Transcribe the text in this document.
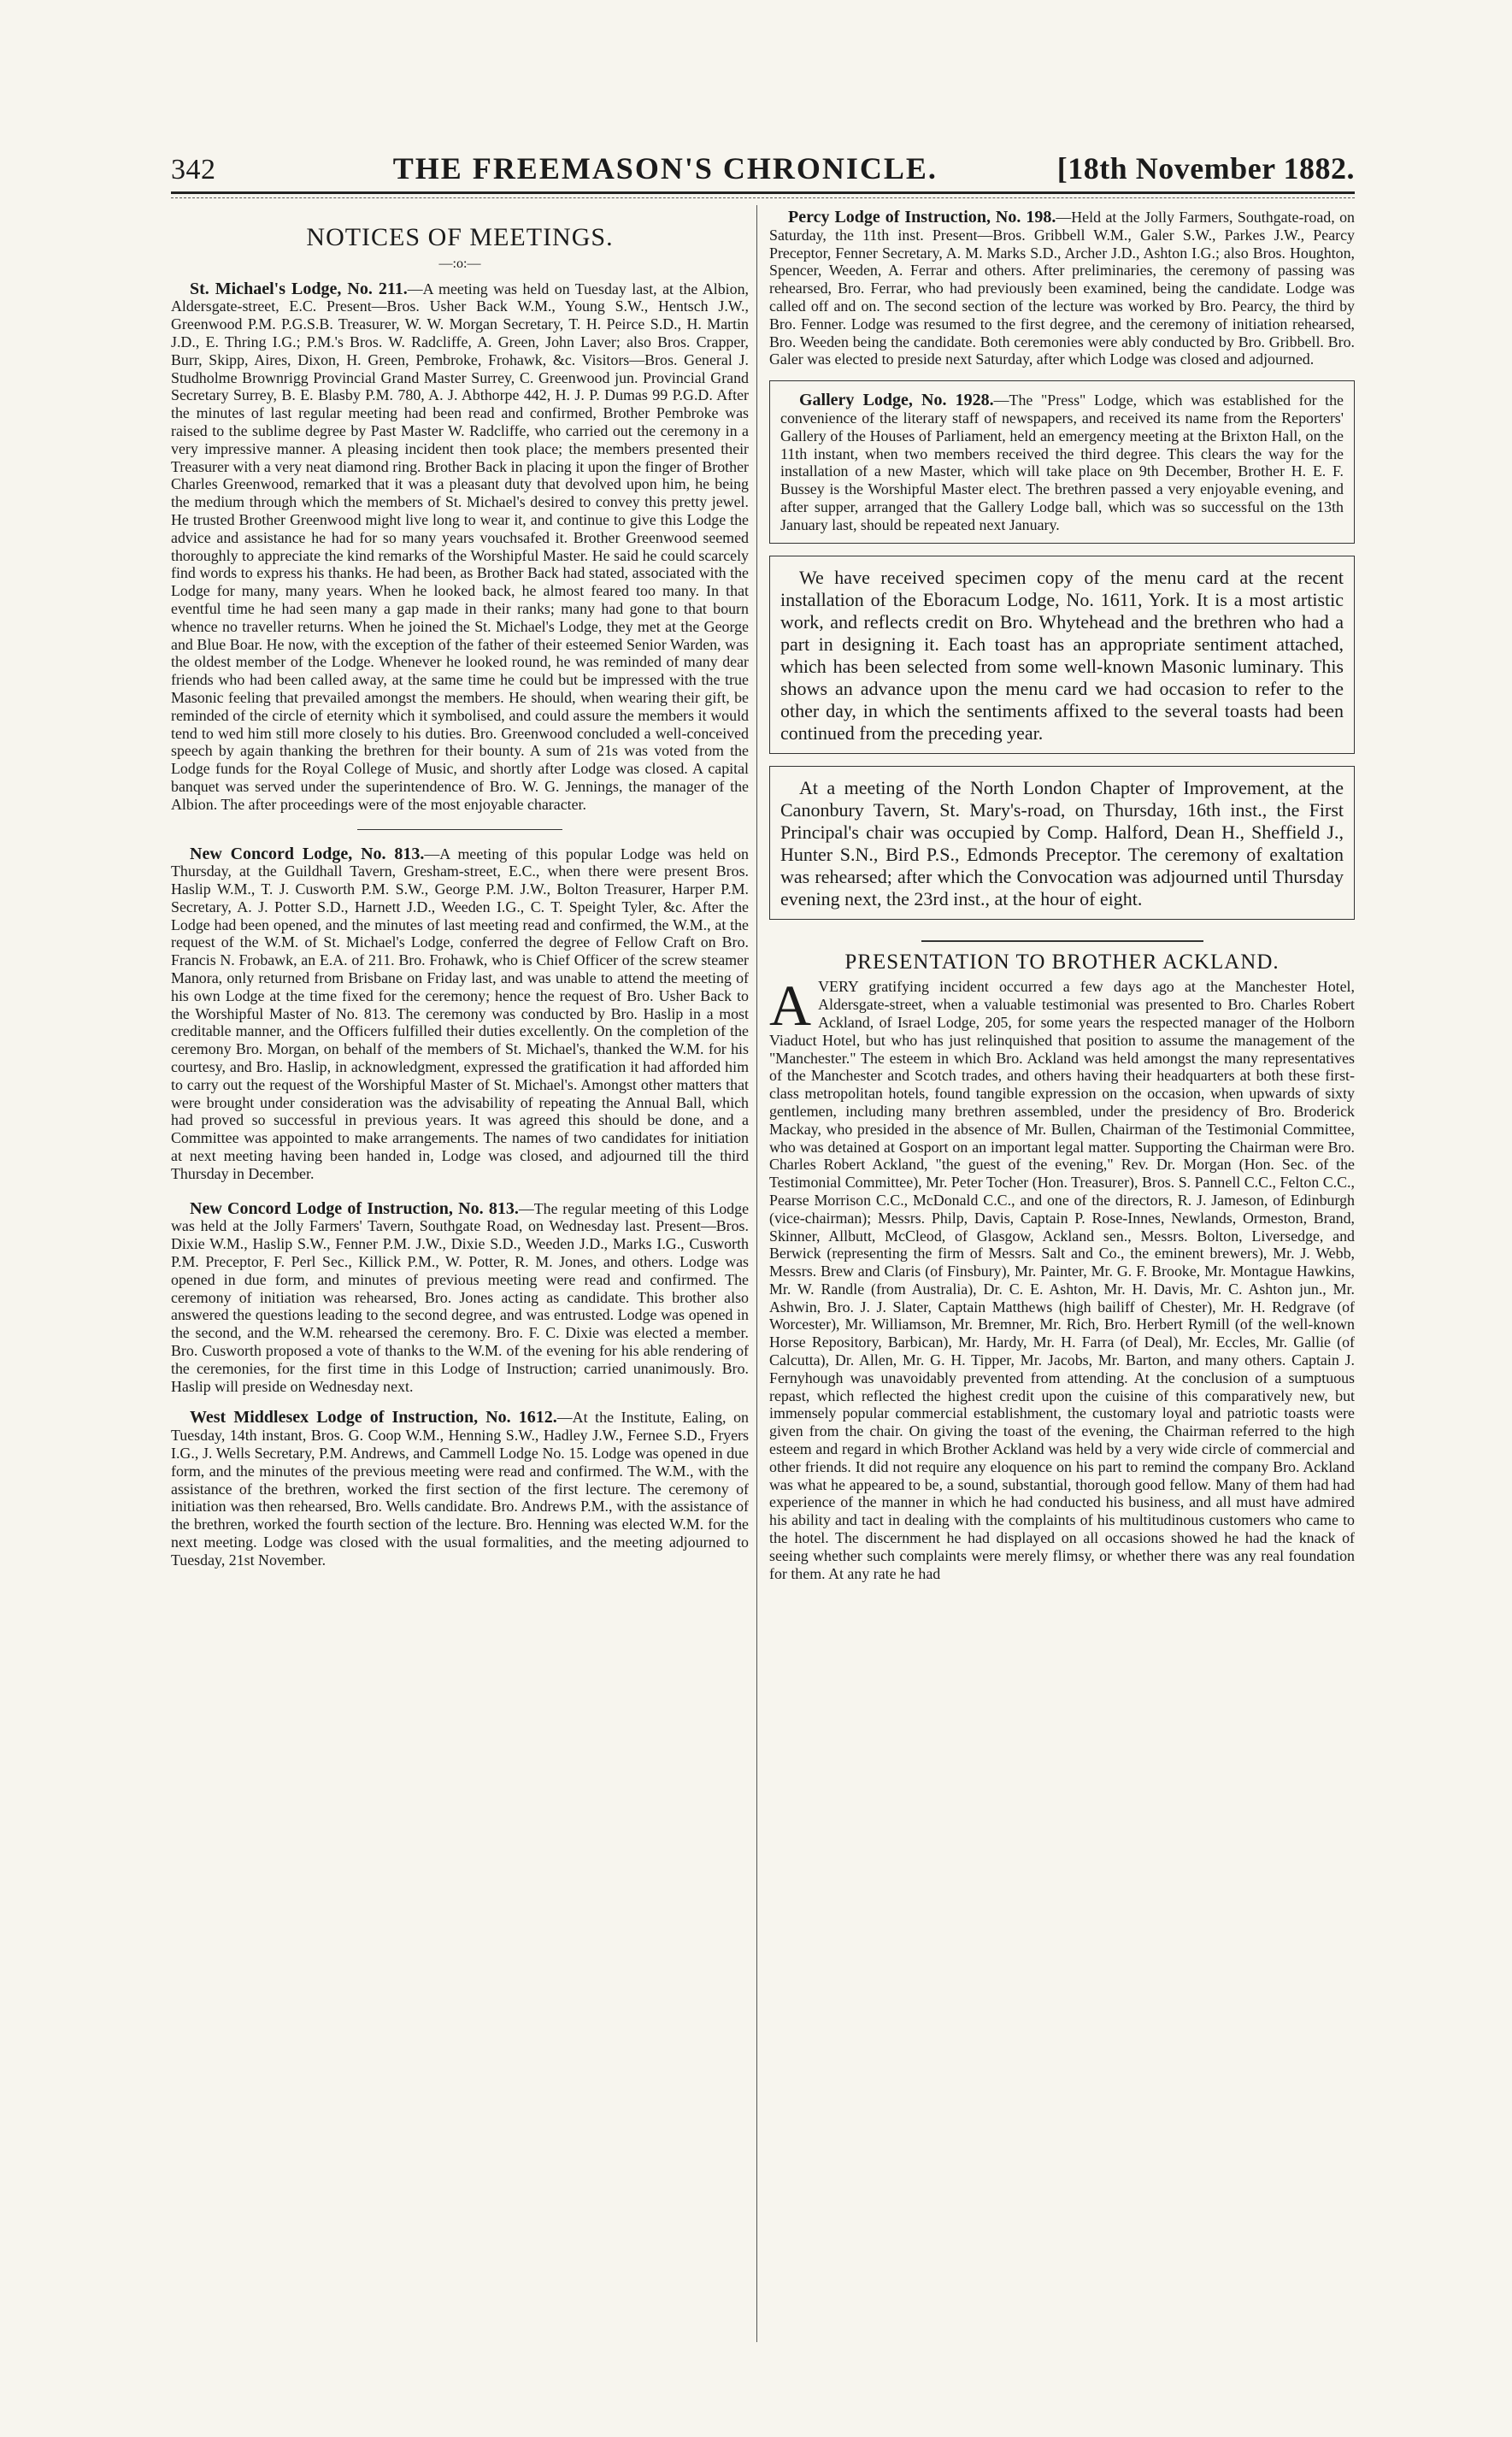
342	THE FREEMASON'S CHRONICLE.	[18th November 1882.
NOTICES OF MEETINGS.
—:o:—

St. Michael's Lodge, No. 211.—A meeting was held on Tuesday last, at the Albion, Aldersgate-street, E.C. Present—Bros. Usher Back W.M., Young S.W., Hentsch J.W., Greenwood P.M. P.G.S.B. Treasurer, W. W. Morgan Secretary, T. H. Peirce S.D., H. Martin J.D., E. Thring I.G.; P.M.'s Bros. W. Radcliffe, A. Green, John Laver; also Bros. Crapper, Burr, Skipp, Aires, Dixon, H. Green, Pembroke, Frohawk, &c. Visitors—Bros. General J. Studholme Brownrigg Provincial Grand Master Surrey, C. Greenwood jun. Provincial Grand Secretary Surrey, B. E. Blasby P.M. 780, A. J. Abthorpe 442, H. J. P. Dumas 99 P.G.D. After the minutes of last regular meeting had been read and confirmed, Brother Pembroke was raised to the sublime degree by Past Master W. Radcliffe, who carried out the ceremony in a very impressive manner. A pleasing incident then took place; the members presented their Treasurer with a very neat diamond ring. Brother Back in placing it upon the finger of Brother Charles Greenwood, remarked that it was a pleasant duty that devolved upon him, he being the medium through which the members of St. Michael's desired to convey this pretty jewel. He trusted Brother Greenwood might live long to wear it, and continue to give this Lodge the advice and assistance he had for so many years vouchsafed it. Brother Greenwood seemed thoroughly to appreciate the kind remarks of the Worshipful Master. He said he could scarcely find words to express his thanks. He had been, as Brother Back had stated, associated with the Lodge for many, many years. When he looked back, he almost feared too many. In that eventful time he had seen many a gap made in their ranks; many had gone to that bourn whence no traveller returns. When he joined the St. Michael's Lodge, they met at the George and Blue Boar. He now, with the exception of the father of their esteemed Senior Warden, was the oldest member of the Lodge. Whenever he looked round, he was reminded of many dear friends who had been called away, at the same time he could but be impressed with the true Masonic feeling that prevailed amongst the members. He should, when wearing their gift, be reminded of the circle of eternity which it symbolised, and could assure the members it would tend to wed him still more closely to his duties. Bro. Greenwood concluded a well-conceived speech by again thanking the brethren for their bounty. A sum of 21s was voted from the Lodge funds for the Royal College of Music, and shortly after Lodge was closed. A capital banquet was served under the superintendence of Bro. W. G. Jennings, the manager of the Albion. The after proceedings were of the most enjoyable character.

New Concord Lodge, No. 813.—A meeting of this popular Lodge was held on Thursday, at the Guildhall Tavern, Gresham-street, E.C., when there were present Bros. Haslip W.M., T. J. Cusworth P.M. S.W., George P.M. J.W., Bolton Treasurer, Harper P.M. Secretary, A. J. Potter S.D., Harnett J.D., Weeden I.G., C. T. Speight Tyler, &c. After the Lodge had been opened, and the minutes of last meeting read and confirmed, the W.M., at the request of the W.M. of St. Michael's Lodge, conferred the degree of Fellow Craft on Bro. Francis N. Frobawk, an E.A. of 211. Bro. Frohawk, who is Chief Officer of the screw steamer Manora, only returned from Brisbane on Friday last, and was unable to attend the meeting of his own Lodge at the time fixed for the ceremony; hence the request of Bro. Usher Back to the Worshipful Master of No. 813. The ceremony was conducted by Bro. Haslip in a most creditable manner, and the Officers fulfilled their duties excellently. On the completion of the ceremony Bro. Morgan, on behalf of the members of St. Michael's, thanked the W.M. for his courtesy, and Bro. Haslip, in acknowledgment, expressed the gratification it had afforded him to carry out the request of the Worshipful Master of St. Michael's. Amongst other matters that were brought under consideration was the advisability of repeating the Annual Ball, which had proved so successful in previous years. It was agreed this should be done, and a Committee was appointed to make arrangements. The names of two candidates for initiation at next meeting having been handed in, Lodge was closed, and adjourned till the third Thursday in December.

New Concord Lodge of Instruction, No. 813.—The regular meeting of this Lodge was held at the Jolly Farmers' Tavern, Southgate Road, on Wednesday last. Present—Bros. Dixie W.M., Haslip S.W., Fenner P.M. J.W., Dixie S.D., Weeden J.D., Marks I.G., Cusworth P.M. Preceptor, F. Perl Sec., Killick P.M., W. Potter, R. M. Jones, and others. Lodge was opened in due form, and minutes of previous meeting were read and confirmed. The ceremony of initiation was rehearsed, Bro. Jones acting as candidate. This brother also answered the questions leading to the second degree, and was entrusted. Lodge was opened in the second, and the W.M. rehearsed the ceremony. Bro. F. C. Dixie was elected a member. Bro. Cusworth proposed a vote of thanks to the W.M. of the evening for his able rendering of the ceremonies, for the first time in this Lodge of Instruction; carried unanimously. Bro. Haslip will preside on Wednesday next.

West Middlesex Lodge of Instruction, No. 1612.—At the Institute, Ealing, on Tuesday, 14th instant, Bros. G. Coop W.M., Henning S.W., Hadley J.W., Fernee S.D., Fryers I.G., J. Wells Secretary, P.M. Andrews, and Cammell Lodge No. 15. Lodge was opened in due form, and the minutes of the previous meeting were read and confirmed. The W.M., with the assistance of the brethren, worked the first section of the first lecture. The ceremony of initiation was then rehearsed, Bro. Wells candidate. Bro. Andrews P.M., with the assistance of the brethren, worked the fourth section of the lecture. Bro. Henning was elected W.M. for the next meeting. Lodge was closed with the usual formalities, and the meeting adjourned to Tuesday, 21st November.

Percy Lodge of Instruction, No. 198.—Held at the Jolly Farmers, Southgate-road, on Saturday, the 11th inst. Present—Bros. Gribbell W.M., Galer S.W., Parkes J.W., Pearcy Preceptor, Fenner Secretary, A. M. Marks S.D., Archer J.D., Ashton I.G.; also Bros. Houghton, Spencer, Weeden, A. Ferrar and others. After preliminaries, the ceremony of passing was rehearsed, Bro. Ferrar, who had previously been examined, being the candidate. Lodge was called off and on. The second section of the lecture was worked by Bro. Pearcy, the third by Bro. Fenner. Lodge was resumed to the first degree, and the ceremony of initiation rehearsed, Bro. Weeden being the candidate. Both ceremonies were ably conducted by Bro. Gribbell. Bro. Galer was elected to preside next Saturday, after which Lodge was closed and adjourned.

Gallery Lodge, No. 1928.—The "Press" Lodge, which was established for the convenience of the literary staff of newspapers, and received its name from the Reporters' Gallery of the Houses of Parliament, held an emergency meeting at the Brixton Hall, on the 11th instant, when two members received the third degree. This clears the way for the installation of a new Master, which will take place on 9th December, Brother H. E. F. Bussey is the Worshipful Master elect. The brethren passed a very enjoyable evening, and after supper, arranged that the Gallery Lodge ball, which was so successful on the 13th January last, should be repeated next January.

We have received specimen copy of the menu card at the recent installation of the Eboracum Lodge, No. 1611, York. It is a most artistic work, and reflects credit on Bro. Whytehead and the brethren who had a part in designing it. Each toast has an appropriate sentiment attached, which has been selected from some well-known Masonic luminary. This shows an advance upon the menu card we had occasion to refer to the other day, in which the sentiments affixed to the several toasts had been continued from the preceding year.

At a meeting of the North London Chapter of Improvement, at the Canonbury Tavern, St. Mary's-road, on Thursday, 16th inst., the First Principal's chair was occupied by Comp. Halford, Dean H., Sheffield J., Hunter S.N., Bird P.S., Edmonds Preceptor. The ceremony of exaltation was rehearsed; after which the Convocation was adjourned until Thursday evening next, the 23rd inst., at the hour of eight.

PRESENTATION TO BROTHER ACKLAND.
A VERY gratifying incident occurred a few days ago at the Manchester Hotel, Aldersgate-street, when a valuable testimonial was presented to Bro. Charles Robert Ackland, of Israel Lodge, 205, for some years the respected manager of the Holborn Viaduct Hotel, but who has just relinquished that position to assume the management of the "Manchester." The esteem in which Bro. Ackland was held amongst the many representatives of the Manchester and Scotch trades, and others having their headquarters at both these first-class metropolitan hotels, found tangible expression on the occasion, when upwards of sixty gentlemen, including many brethren assembled, under the presidency of Bro. Broderick Mackay, who presided in the absence of Mr. Bullen, Chairman of the Testimonial Committee, who was detained at Gosport on an important legal matter. Supporting the Chairman were Bro. Charles Robert Ackland, "the guest of the evening," Rev. Dr. Morgan (Hon. Sec. of the Testimonial Committee), Mr. Peter Tocher (Hon. Treasurer), Bros. S. Pannell C.C., Felton C.C., Pearse Morrison C.C., McDonald C.C., and one of the directors, R. J. Jameson, of Edinburgh (vice-chairman); Messrs. Philp, Davis, Captain P. Rose-Innes, Newlands, Ormeston, Brand, Skinner, Allbutt, McCleod, of Glasgow, Ackland sen., Messrs. Bolton, Liversedge, and Berwick (representing the firm of Messrs. Salt and Co., the eminent brewers), Mr. J. Webb, Messrs. Brew and Claris (of Finsbury), Mr. Painter, Mr. G. F. Brooke, Mr. Montague Hawkins, Mr. W. Randle (from Australia), Dr. C. E. Ashton, Mr. H. Davis, Mr. C. Ashton jun., Mr. Ashwin, Bro. J. J. Slater, Captain Matthews (high bailiff of Chester), Mr. H. Redgrave (of Worcester), Mr. Williamson, Mr. Bremner, Mr. Rich, Bro. Herbert Rymill (of the well-known Horse Repository, Barbican), Mr. Hardy, Mr. H. Farra (of Deal), Mr. Eccles, Mr. Gallie (of Calcutta), Dr. Allen, Mr. G. H. Tipper, Mr. Jacobs, Mr. Barton, and many others. Captain J. Fernyhough was unavoidably prevented from attending. At the conclusion of a sumptuous repast, which reflected the highest credit upon the cuisine of this comparatively new, but immensely popular commercial establishment, the customary loyal and patriotic toasts were given from the chair. On giving the toast of the evening, the Chairman referred to the high esteem and regard in which Brother Ackland was held by a very wide circle of commercial and other friends. It did not require any eloquence on his part to remind the company Bro. Ackland was what he appeared to be, a sound, substantial, thorough good fellow. Many of them had had experience of the manner in which he had conducted his business, and all must have admired his ability and tact in dealing with the complaints of his multitudinous customers who came to the hotel. The discernment he had displayed on all occasions showed he had the knack of seeing whether such complaints were merely flimsy, or whether there was any real foundation for them. At any rate he had
